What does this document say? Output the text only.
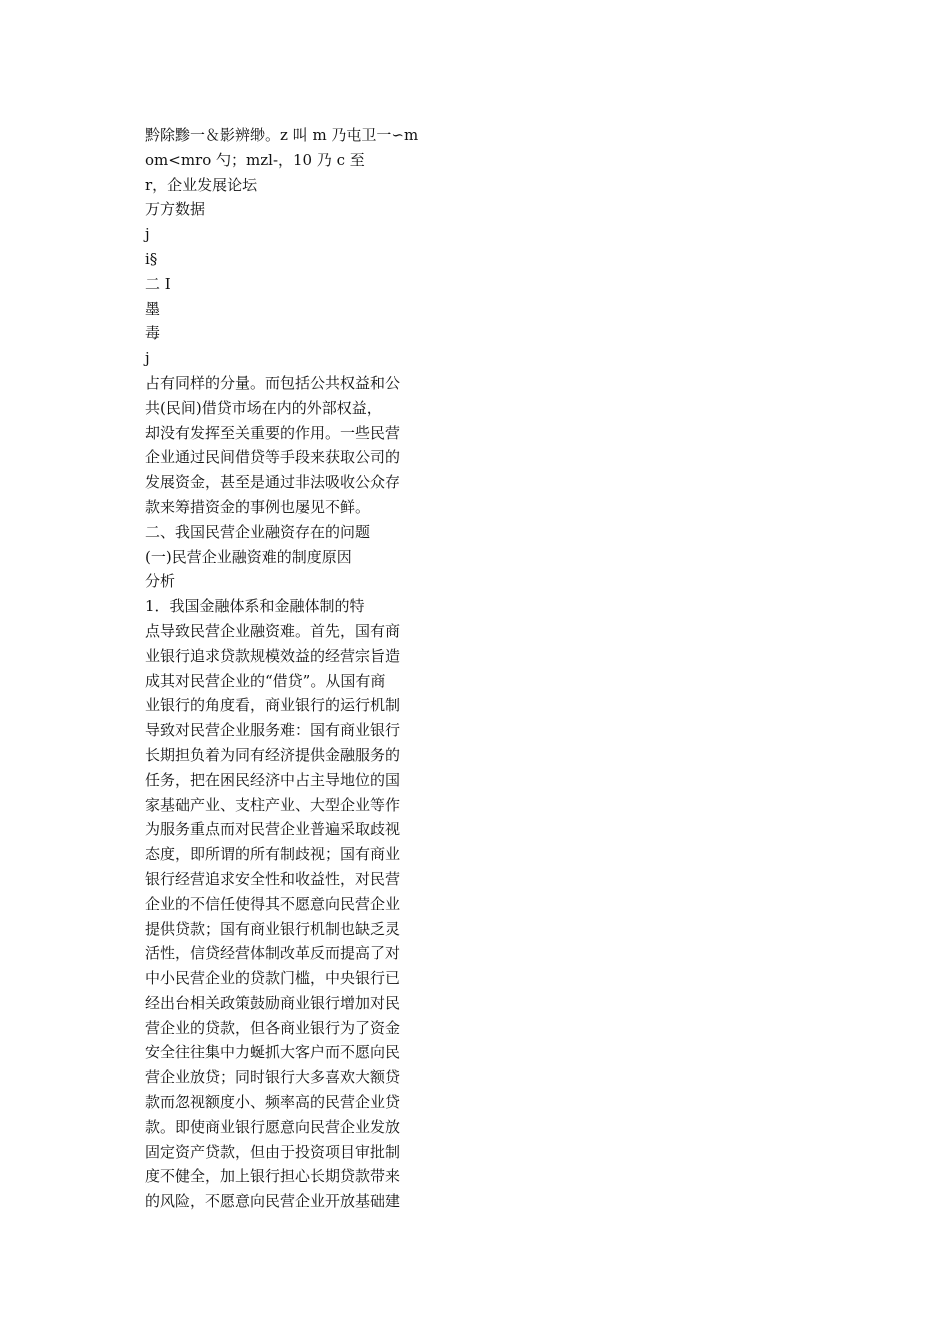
黔除黪一＆影辨缈。z 叫 m 乃屯卫一∽m

om<mro 勺；mzl-，10 乃 c 至

r，企业发展论坛

万方数据

j

i§

二 I

墨

毒

j

占有同样的分量。而包括公共权益和公

共(民间)借贷市场在内的外部权益，

却没有发挥至关重要的作用。一些民营

企业通过民间借贷等手段来获取公司的

发展资金，甚至是通过非法吸收公众存

款来筹措资金的事例也屡见不鲜。

二、我国民营企业融资存在的问题

(一)民营企业融资难的制度原因

分析

1．我国金融体系和金融体制的特

点导致民营企业融资难。首先，国有商

业银行追求贷款规模效益的经营宗旨造

成其对民营企业的“借贷”。从国有商

业银行的角度看，商业银行的运行机制

导致对民营企业服务难：国有商业银行

长期担负着为同有经济提供金融服务的

任务，把在困民经济中占主导地位的国

家基础产业、支柱产业、大型企业等作

为服务重点而对民营企业普遍采取歧视

态度，即所谓的所有制歧视；国有商业

银行经营追求安全性和收益性，对民营

企业的不信任使得其不愿意向民营企业

提供贷款；国有商业银行机制也缺乏灵

活性，信贷经营体制改革反而提高了对

中小民营企业的贷款门槛，中央银行已

经出台相关政策鼓励商业银行增加对民

营企业的贷款，但各商业银行为了资金

安全往往集中力蜒抓大客户而不愿向民

营企业放贷；同时银行大多喜欢大额贷

款而忽视额度小、频率高的民营企业贷

款。即使商业银行愿意向民营企业发放

固定资产贷款，但由于投资项目审批制

度不健全，加上银行担心长期贷款带来

的风险，不愿意向民营企业开放基础建
